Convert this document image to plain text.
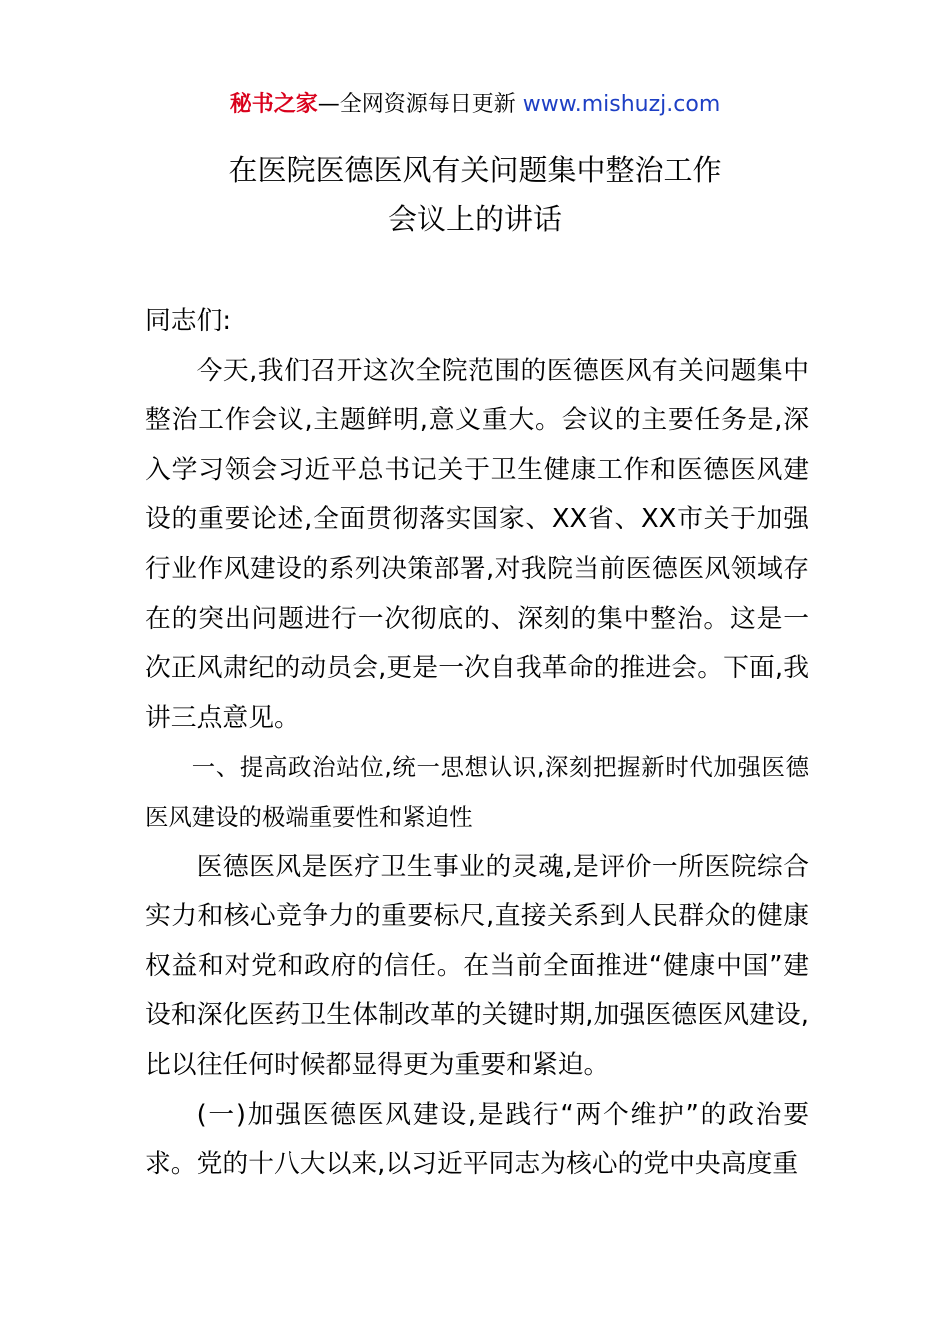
秘书之家—全网资源每日更新 www.mishuzj.com
在医院医德医风有关问题集中整治工作
会议上的讲话

同志们:

今天,我们召开这次全院范围的医德医风有关问题集中整治工作会议,主题鲜明,意义重大。会议的主要任务是,深入学习领会习近平总书记关于卫生健康工作和医德医风建设的重要论述,全面贯彻落实国家、XX省、XX市关于加强行业作风建设的系列决策部署,对我院当前医德医风领域存在的突出问题进行一次彻底的、深刻的集中整治。这是一次正风肃纪的动员会,更是一次自我革命的推进会。下面,我讲三点意见。

一、提高政治站位,统一思想认识,深刻把握新时代加强医德医风建设的极端重要性和紧迫性

医德医风是医疗卫生事业的灵魂,是评价一所医院综合实力和核心竞争力的重要标尺,直接关系到人民群众的健康权益和对党和政府的信任。在当前全面推进“健康中国”建设和深化医药卫生体制改革的关键时期,加强医德医风建设,比以往任何时候都显得更为重要和紧迫。

(一)加强医德医风建设,是践行“两个维护”的政治要求。党的十八大以来,以习近平同志为核心的党中央高度重
